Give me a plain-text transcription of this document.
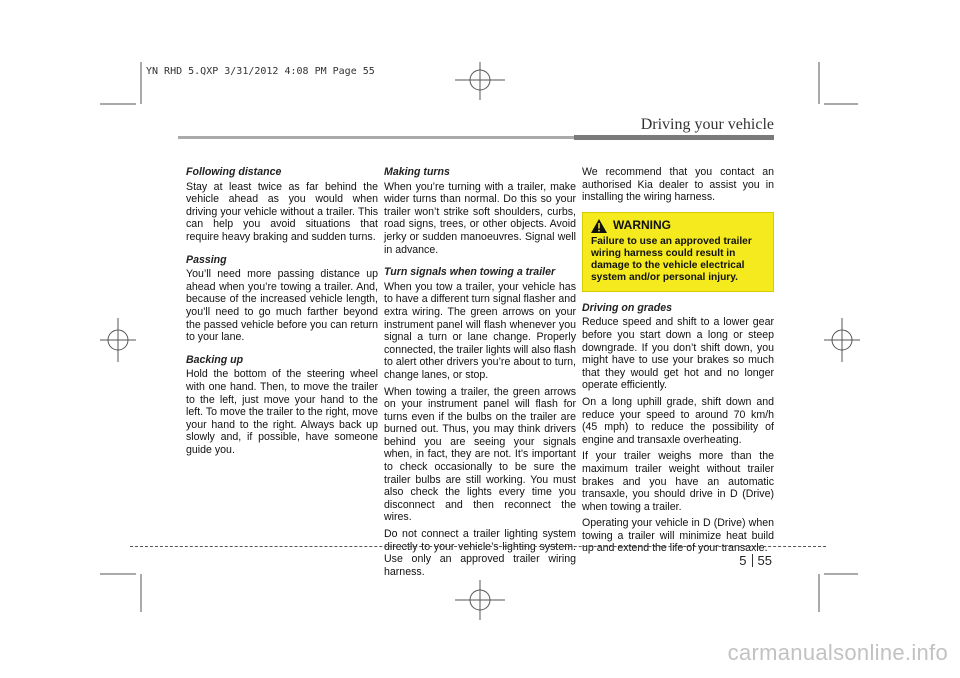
YN RHD 5.QXP 3/31/2012 4:08 PM Page 55
Driving your vehicle
Following distance

Stay at least twice as far behind the vehicle ahead as you would when driving your vehicle without a trailer. This can help you avoid situations that require heavy braking and sudden turns.

Passing

You’ll need more passing distance up ahead when you’re towing a trailer. And, because of the increased vehicle length, you’ll need to go much farther beyond the passed vehicle before you can return to your lane.

Backing up

Hold the bottom of the steering wheel with one hand. Then, to move the trailer to the left, just move your hand to the left. To move the trailer to the right, move your hand to the right. Always back up slowly and, if possible, have someone guide you.

Making turns

When you’re turning with a trailer, make wider turns than normal. Do this so your trailer won’t strike soft shoulders, curbs, road signs, trees, or other objects. Avoid jerky or sudden manoeuvres. Signal well in advance.

Turn signals when towing a trailer

When you tow a trailer, your vehicle has to have a different turn signal flasher and extra wiring. The green arrows on your instrument panel will flash whenever you signal a turn or lane change. Properly connected, the trailer lights will also flash to alert other drivers you’re about to turn, change lanes, or stop.

When towing a trailer, the green arrows on your instrument panel will flash for turns even if the bulbs on the trailer are burned out. Thus, you may think drivers behind you are seeing your signals when, in fact, they are not. It’s important to check occasionally to be sure the trailer bulbs are still working. You must also check the lights every time you disconnect and then reconnect the wires.

Do not connect a trailer lighting system directly to your vehicle’s lighting system. Use only an approved trailer wiring harness.

We recommend that you contact an authorised Kia dealer to assist you in installing the wiring harness.

WARNING
Failure to use an approved trailer wiring harness could result in damage to the vehicle electrical system and/or personal injury.
Driving on grades

Reduce speed and shift to a lower gear before you start down a long or steep downgrade. If you don’t shift down, you might have to use your brakes so much that they would get hot and no longer operate efficiently.

On a long uphill grade, shift down and reduce your speed to around 70 km/h (45 mph) to reduce the possibility of engine and transaxle overheating.

If your trailer weighs more than the maximum trailer weight without trailer brakes and you have an automatic transaxle, you should drive in D (Drive) when towing a trailer.

Operating your vehicle in D (Drive) when towing a trailer will minimize heat build up and extend the life of your transaxle.

5 55
carmanualsonline.info
